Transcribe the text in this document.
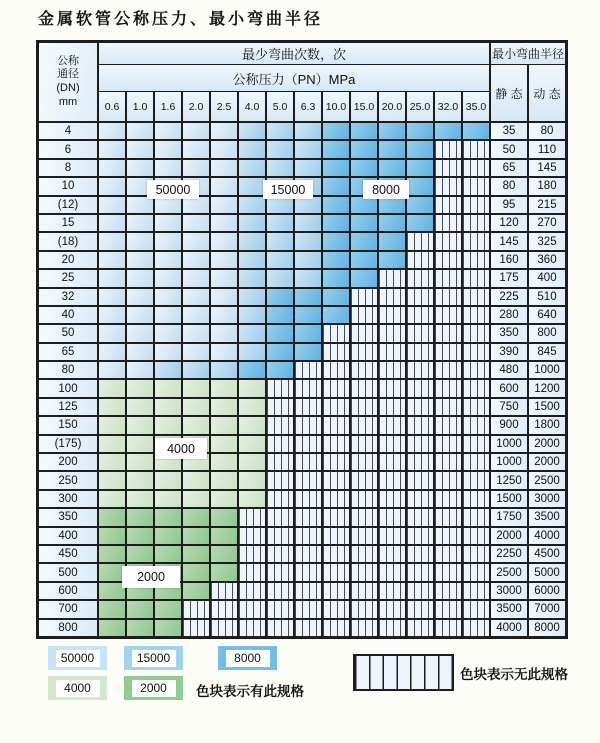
金属软管公称压力、最小弯曲半径
公称
通径
(DN)
mm
最少弯曲次数，次	最小弯曲半径
公称压力（PN）MPa
静 态 动 态
0.6	1.0	1.6	2.0	2.5	4.0	5.0	6.3 10.0 15.0 20.0 25.0 32.0 35.0
4	35	80
6	50	110
8	65	145
10	80	180
(12)	95	215
15	120	270
(18)	145	325
20	160	360
25	175	400
32	225	510
40	280	640
50	350	800
65	390	845
80	480	1000
100	600	1200
125	750	1500
150	900	1800
(175)	1000	2000
200	1000	2000
250	1250	2500
300	1500	3000
350	1750	3500
400	2000	4000
450	2250	4500
500	2500	5000
600	3000	6000
700	3500	7000
800	4000	8000
50000	15000	8000
4000
2000
50000	15000	8000
4000	2000	色块表示有此规格
色块表示无此规格
